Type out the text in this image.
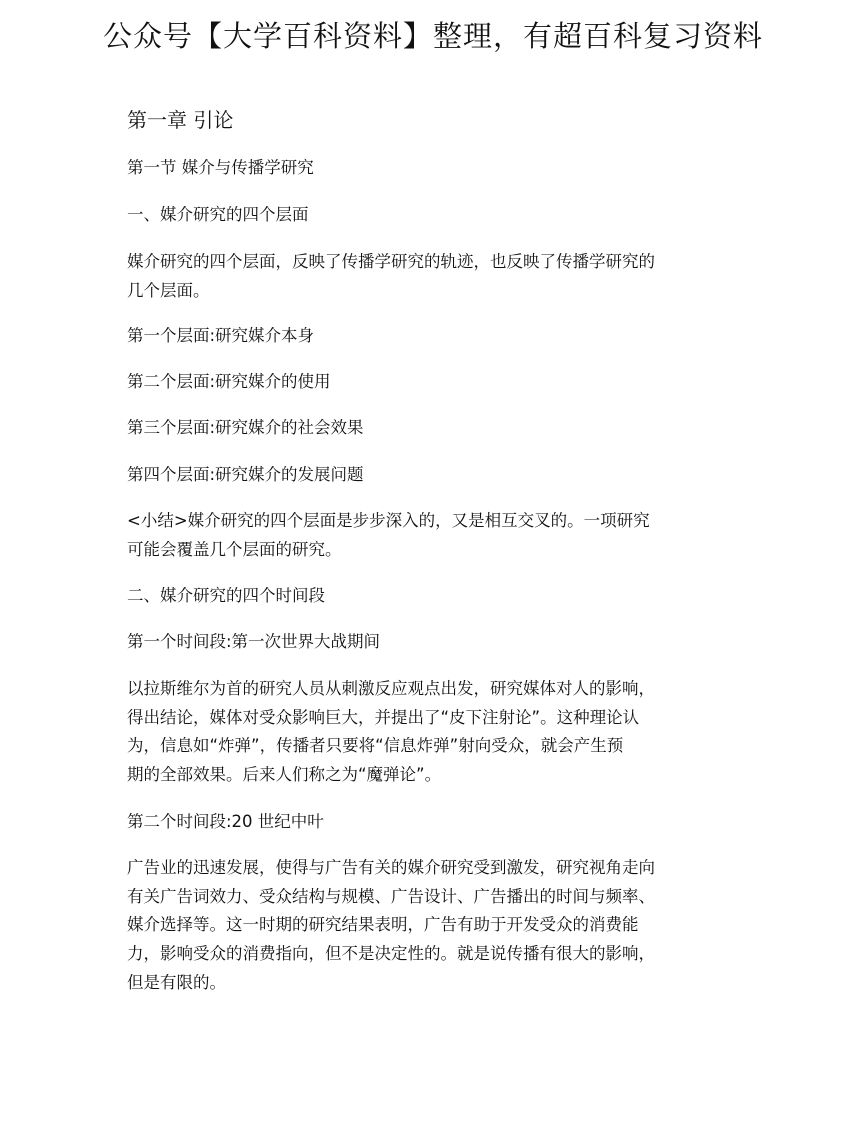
公众号【大学百科资料】整理，有超百科复习资料
第一章 引论
第一节 媒介与传播学研究
一、媒介研究的四个层面
媒介研究的四个层面，反映了传播学研究的轨迹，也反映了传播学研究的
几个层面。
第一个层面:研究媒介本身
第二个层面:研究媒介的使用
第三个层面:研究媒介的社会效果
第四个层面:研究媒介的发展问题
<小结>媒介研究的四个层面是步步深入的，又是相互交叉的。一项研究
可能会覆盖几个层面的研究。
二、媒介研究的四个时间段
第一个时间段:第一次世界大战期间
以拉斯维尔为首的研究人员从刺激反应观点出发，研究媒体对人的影响，
得出结论，媒体对受众影响巨大，并提出了“皮下注射论”。这种理论认
为，信息如“炸弹”，传播者只要将“信息炸弹”射向受众，就会产生预
期的全部效果。后来人们称之为“魔弹论”。
第二个时间段:20 世纪中叶
广告业的迅速发展，使得与广告有关的媒介研究受到激发，研究视角走向
有关广告词效力、受众结构与规模、广告设计、广告播出的时间与频率、
媒介选择等。这一时期的研究结果表明，广告有助于开发受众的消费能
力，影响受众的消费指向，但不是决定性的。就是说传播有很大的影响，
但是有限的。
